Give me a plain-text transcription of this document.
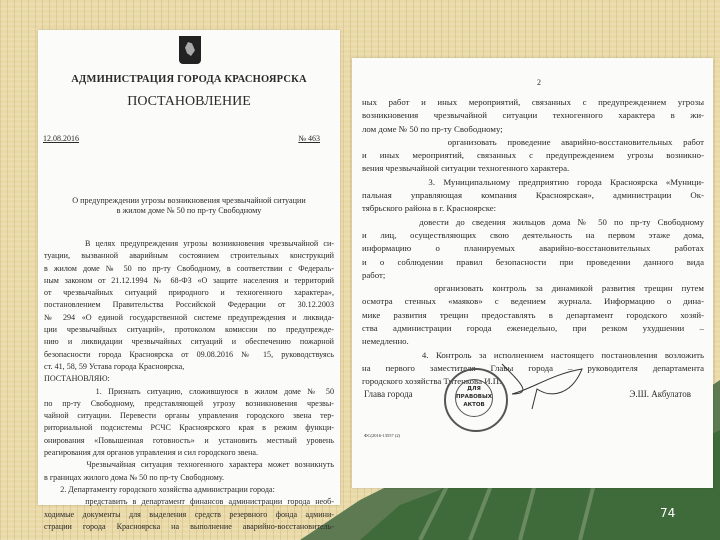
АДМИНИСТРАЦИЯ ГОРОДА КРАСНОЯРСКА
ПОСТАНОВЛЕНИЕ
12.08.2016	№ 463
О предупреждении угрозы возникновения чрезвычайной ситуации
в жилом доме № 50 по пр-ту Свободному
В целях предупреждения угрозы возникновения чрезвычайной си-
туации, вызванной аварийным состоянием строительных конструкций
в жилом доме № 50 по пр-ту Свободному, в соответствии с Федераль-
ным законом от 21.12.1994 № 68-ФЗ «О защите населения и территорий
от чрезвычайных ситуаций природного и техногенного характера»,
постановлением Правительства Российской Федерации от 30.12.2003
№ 294 «О единой государственной системе предупреждения и ликвида-
ции чрезвычайных ситуаций», протоколом комиссии по предупрежде-
нию и ликвидации чрезвычайных ситуаций и обеспечению пожарной
безопасности города Красноярска от 09.08.2016 № 15, руководствуясь
ст. 41, 58, 59 Устава города Красноярска,
ПОСТАНОВЛЯЮ:
1. Признать ситуацию, сложившуюся в жилом доме № 50
по пр-ту Свободному, представляющей угрозу возникновения чрезвы-
чайной ситуации. Перевести органы управления городского звена тер-
риториальной подсистемы РСЧС Красноярского края в режим функци-
онирования «Повышенная готовность» и установить местный уровень
реагирования для органов управления и сил городского звена.
Чрезвычайная ситуация техногенного характера может возникнуть
в границах жилого дома № 50 по пр-ту Свободному.
2. Департаменту городского хозяйства администрации города:
представить в департамент финансов администрации города необ-
ходимые документы для выделения средств резервного фонда админи-
страции города Красноярска на выполнение аварийно-восстановитель-
2
ных работ и иных мероприятий, связанных с предупреждением угрозы
возникновения чрезвычайной ситуации техногенного характера в жи-
лом доме № 50 по пр-ту Свободному;
организовать проведение аварийно-восстановительных работ
и иных мероприятий, связанных с предупреждением угрозы возникно-
вения чрезвычайной ситуации техногенного характера.
3. Муниципальному предприятию города Красноярска «Муници-
пальная управляющая компания Красноярская», администрации Ок-
тябрьского района в г. Красноярске:
довести до сведения жильцов дома № 50 по пр-ту Свободному
и лиц, осуществляющих свою деятельность на первом этаже дома,
информацию о планируемых аварийно-восстановительных работах
и о соблюдении правил безопасности при проведении данного вида
работ;
организовать контроль за динамикой развития трещин путем
осмотра стенных «маяков» с ведением журнала. Информацию о дина-
мике развития трещин предоставлять в департамент городского хозяй-
ства администрации города еженедельно, при резком ухудшении –
немедленно.
4. Контроль за исполнением настоящего постановления возложить
на первого заместителя Главы города – руководителя департамента
городского хозяйства Титенкова И.П.
Глава города	ДЛЯ
ПРАВОВЫХ
АКТОВ
Э.Ш. Акбулатов
ФС(2016-13557 (2)
74
